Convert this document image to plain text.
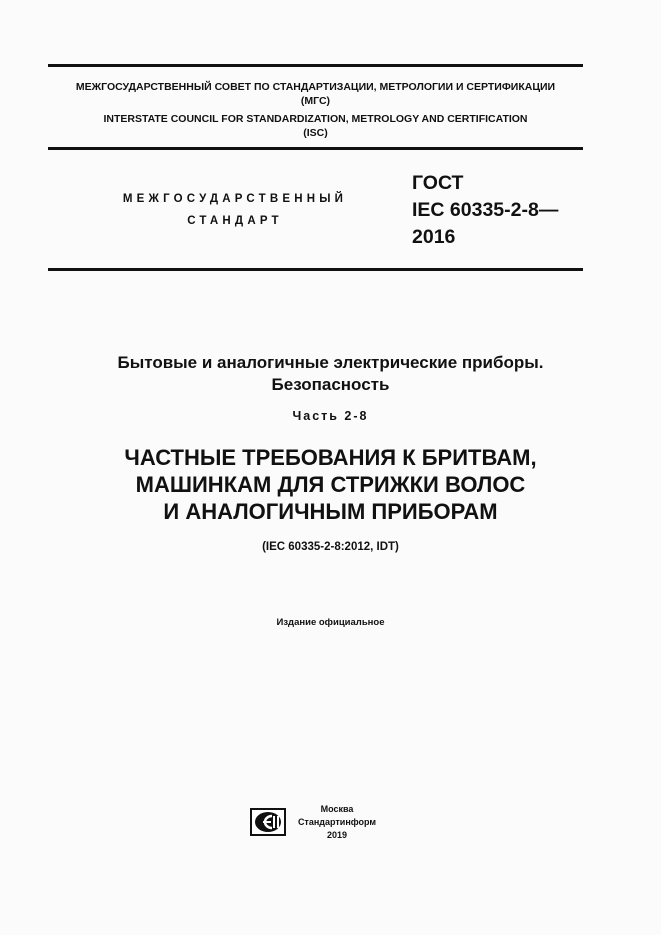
МЕЖГОСУДАРСТВЕННЫЙ СОВЕТ ПО СТАНДАРТИЗАЦИИ, МЕТРОЛОГИИ И СЕРТИФИКАЦИИ
(МГС)
INTERSTATE COUNCIL FOR STANDARDIZATION, METROLOGY AND CERTIFICATION
(ISC)
МЕЖГОСУДАРСТВЕННЫЙ
СТАНДАРТ
ГОСТ
IEC 60335-2-8—
2016
Бытовые и аналогичные электрические приборы.
Безопасность
Часть 2-8
ЧАСТНЫЕ ТРЕБОВАНИЯ К БРИТВАМ,
МАШИНКАМ ДЛЯ СТРИЖКИ ВОЛОС
И АНАЛОГИЧНЫМ ПРИБОРАМ
(IEC 60335-2-8:2012, IDT)
Издание официальное
Москва
Стандартинформ
2019
